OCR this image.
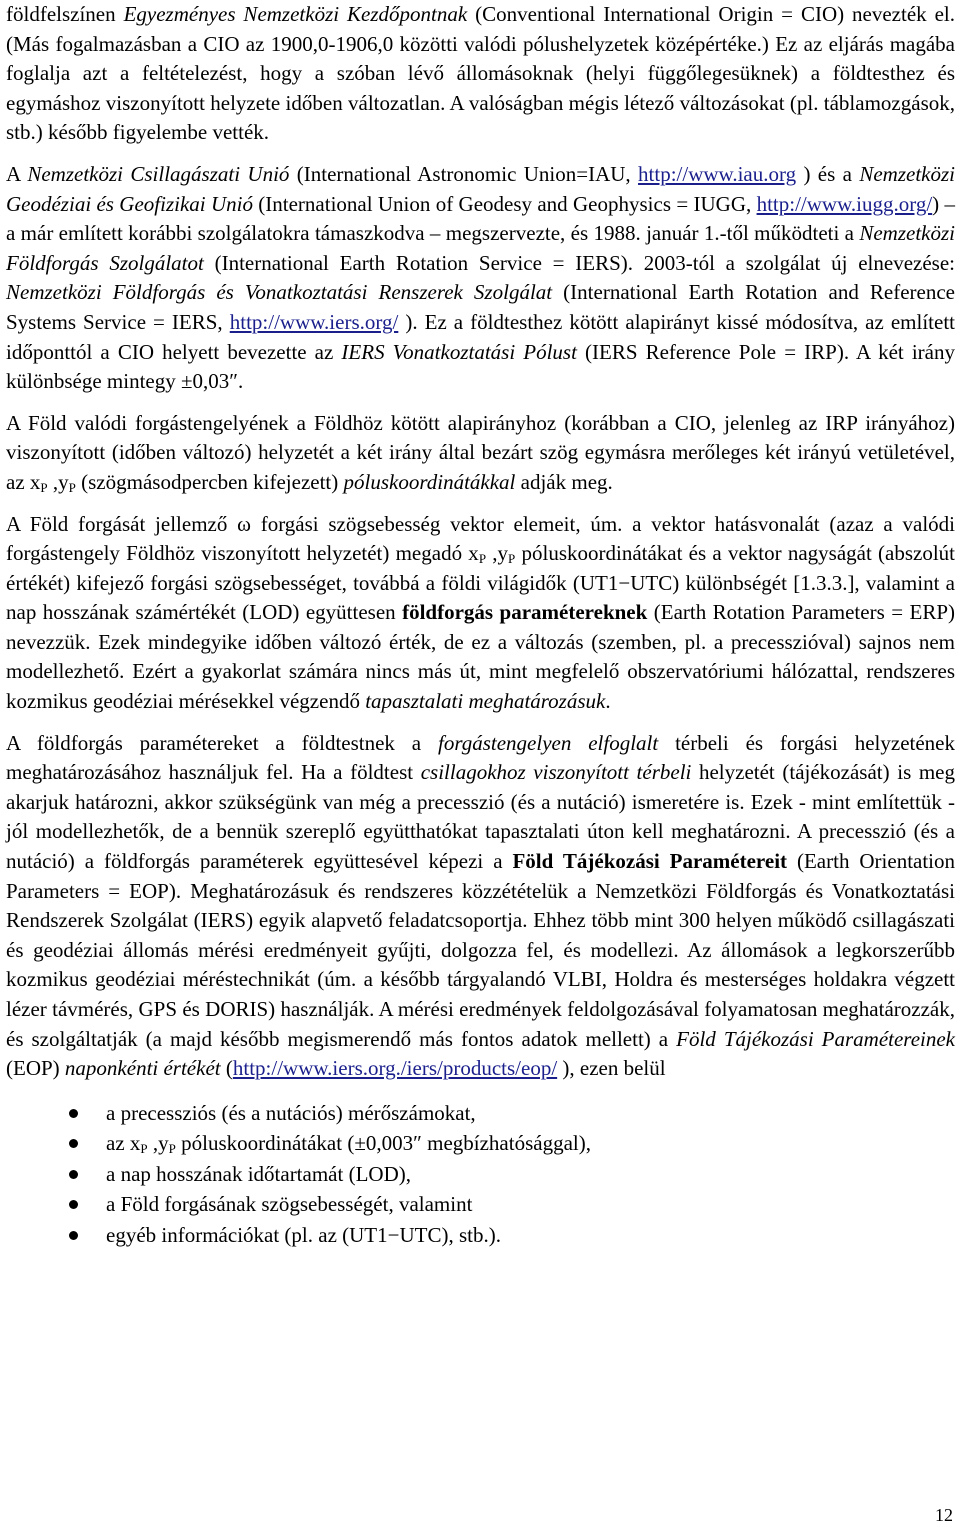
földfelszínen Egyezményes Nemzetközi Kezdőpontnak (Conventional International Origin = CIO) nevezték el. (Más fogalmazásban a CIO az 1900,0-1906,0 közötti valódi pólushelyzetek középértéke.) Ez az eljárás magába foglalja azt a feltételezést, hogy a szóban lévő állomásoknak (helyi függőlegesüknek) a földtesthez és egymáshoz viszonyított helyzete időben változatlan. A valóságban mégis létező változásokat (pl. táblamozgások, stb.) később figyelembe vették.

A Nemzetközi Csillagászati Unió (International Astronomic Union=IAU, http://www.iau.org ) és a Nemzetközi Geodéziai és Geofizikai Unió (International Union of Geodesy and Geophysics = IUGG, http://www.iugg.org/) – a már említett korábbi szolgálatokra támaszkodva – megszervezte, és 1988. január 1.-től működteti a Nemzetközi Földforgás Szolgálatot (International Earth Rotation Service = IERS). 2003-tól a szolgálat új elnevezése: Nemzetközi Földforgás és Vonatkoztatási Renszerek Szolgálat (International Earth Rotation and Reference Systems Service = IERS, http://www.iers.org/ ). Ez a földtesthez kötött alapirányt kissé módosítva, az említett időponttól a CIO helyett bevezette az IERS Vonatkoztatási Pólust (IERS Reference Pole = IRP). A két irány különbsége mintegy ±0,03″.

A Föld valódi forgástengelyének a Földhöz kötött alapirányhoz (korábban a CIO, jelenleg az IRP irányához) viszonyított (időben változó) helyzetét a két irány által bezárt szög egymásra merőleges két irányú vetületével, az $x_P$ $,y_P$ (szögmásodpercben kifejezett) póluskoordinátákkal adják meg.

A Föld forgását jellemző ω forgási szögsebesség vektor elemeit, úm. a vektor hatásvonalát (azaz a valódi forgástengely Földhöz viszonyított helyzetét) megadó $x_P$ $,y_P$ póluskoordinátákat és a vektor nagyságát (abszolút értékét) kifejező forgási szögsebességet, továbbá a földi világidők (UT1−UTC) különbségét [1.3.3.], valamint a nap hosszának számértékét (LOD) együttesen földforgás paramétereknek (Earth Rotation Parameters = ERP) nevezzük. Ezek mindegyike időben változó érték, de ez a változás (szemben, pl. a precesszióval) sajnos nem modellezhető. Ezért a gyakorlat számára nincs más út, mint megfelelő obszervatóriumi hálózattal, rendszeres kozmikus geodéziai mérésekkel végzendő tapasztalati meghatározásuk.

A földforgás paramétereket a földtestnek a forgástengelyen elfoglalt térbeli és forgási helyzetének meghatározásához használjuk fel. Ha a földtest csillagokhoz viszonyított térbeli helyzetét (tájékozását) is meg akarjuk határozni, akkor szükségünk van még a precesszió (és a nutáció) ismeretére is. Ezek - mint említettük - jól modellezhetők, de a bennük szereplő együtthatókat tapasztalati úton kell meghatározni. A precesszió (és a nutáció) a földforgás paraméterek együttesével képezi a Föld Tájékozási Paramétereit (Earth Orientation Parameters = EOP). Meghatározásuk és rendszeres közzétételük a Nemzetközi Földforgás és Vonatkoztatási Rendszerek Szolgálat (IERS) egyik alapvető feladatcsoportja. Ehhez több mint 300 helyen működő csillagászati és geodéziai állomás mérési eredményeit gyűjti, dolgozza fel, és modellezi. Az állomások a legkorszerűbb kozmikus geodéziai méréstechnikát (úm. a később tárgyalandó VLBI, Holdra és mesterséges holdakra végzett lézer távmérés, GPS és DORIS) használják. A mérési eredmények feldolgozásával folyamatosan meghatározzák, és szolgáltatják (a majd később megismerendő más fontos adatok mellett) a Föld Tájékozási Paramétereinek (EOP) naponkénti értékét (http://www.iers.org./iers/products/eop/ ), ezen belül

a precessziós (és a nutációs) mérőszámokat,
az $x_P$ $,y_P$ póluskoordinátákat (±0,003″ megbízhatósággal),
a nap hosszának időtartamát (LOD),
a Föld forgásának szögsebességét, valamint
egyéb információkat (pl. az (UT1−UTC), stb.).
12
